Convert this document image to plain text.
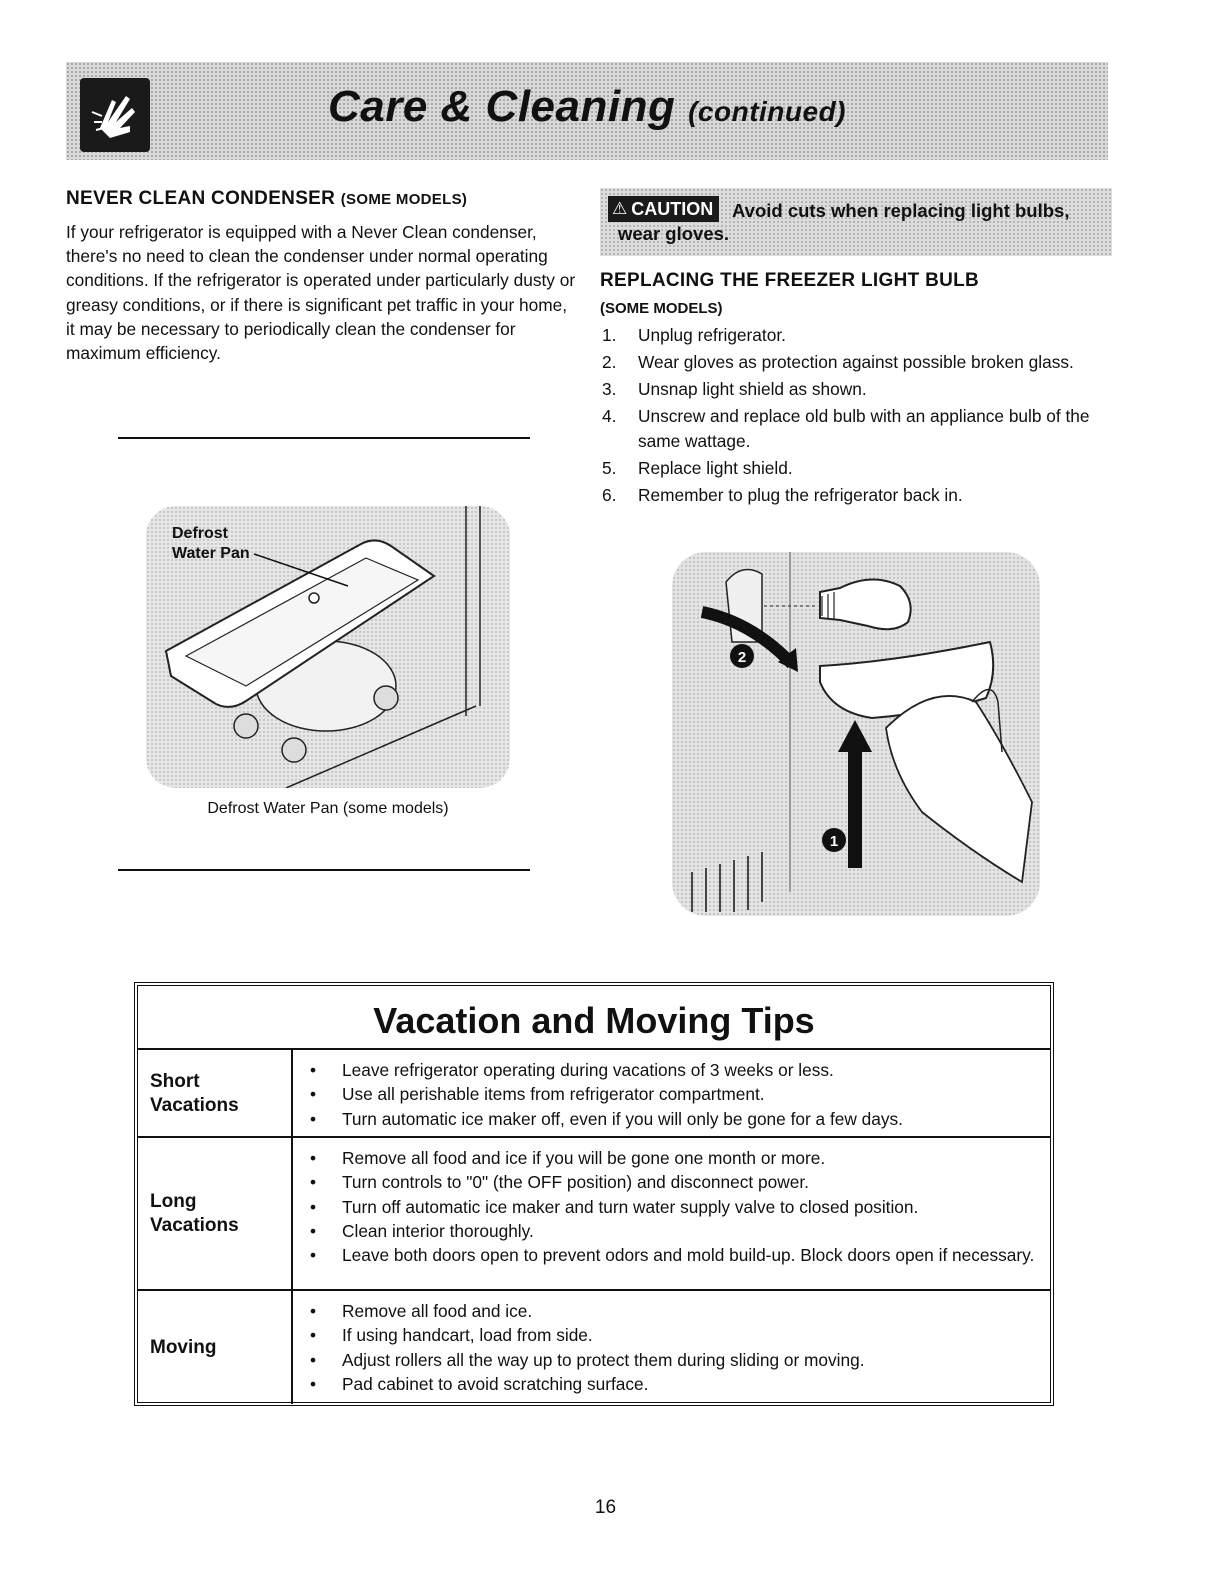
Care & Cleaning (continued)
NEVER CLEAN CONDENSER (SOME MODELS)
If your refrigerator is equipped with a Never Clean condenser, there's no need to clean the condenser under normal operating conditions. If the refrigerator is operated under particularly dusty or greasy conditions, or if there is significant pet traffic in your home, it may be necessary to periodically clean the condenser for maximum efficiency.
Defrost
Water Pan
Defrost Water Pan (some models)
⚠ CAUTION Avoid cuts when replacing light bulbs,
wear gloves.
REPLACING THE FREEZER LIGHT BULB
(SOME MODELS)
1. Unplug refrigerator.
2. Wear gloves as protection against possible broken glass.
3. Unsnap light shield as shown.
4. Unscrew and replace old bulb with an appliance bulb of the same wattage.
5. Replace light shield.
6. Remember to plug the refrigerator back in.
2
1
Vacation and Moving Tips
Short
Vacations
• Leave refrigerator operating during vacations of 3 weeks or less.
• Use all perishable items from refrigerator compartment.
• Turn automatic ice maker off, even if you will only be gone for a few days.
Long
Vacations
• Remove all food and ice if you will be gone one month or more.
• Turn controls to "0" (the OFF position) and disconnect power.
• Turn off automatic ice maker and turn water supply valve to closed position.
• Clean interior thoroughly.
• Leave both doors open to prevent odors and mold build-up. Block doors open if necessary.
Moving
• Remove all food and ice.
• If using handcart, load from side.
• Adjust rollers all the way up to protect them during sliding or moving.
• Pad cabinet to avoid scratching surface.
16
